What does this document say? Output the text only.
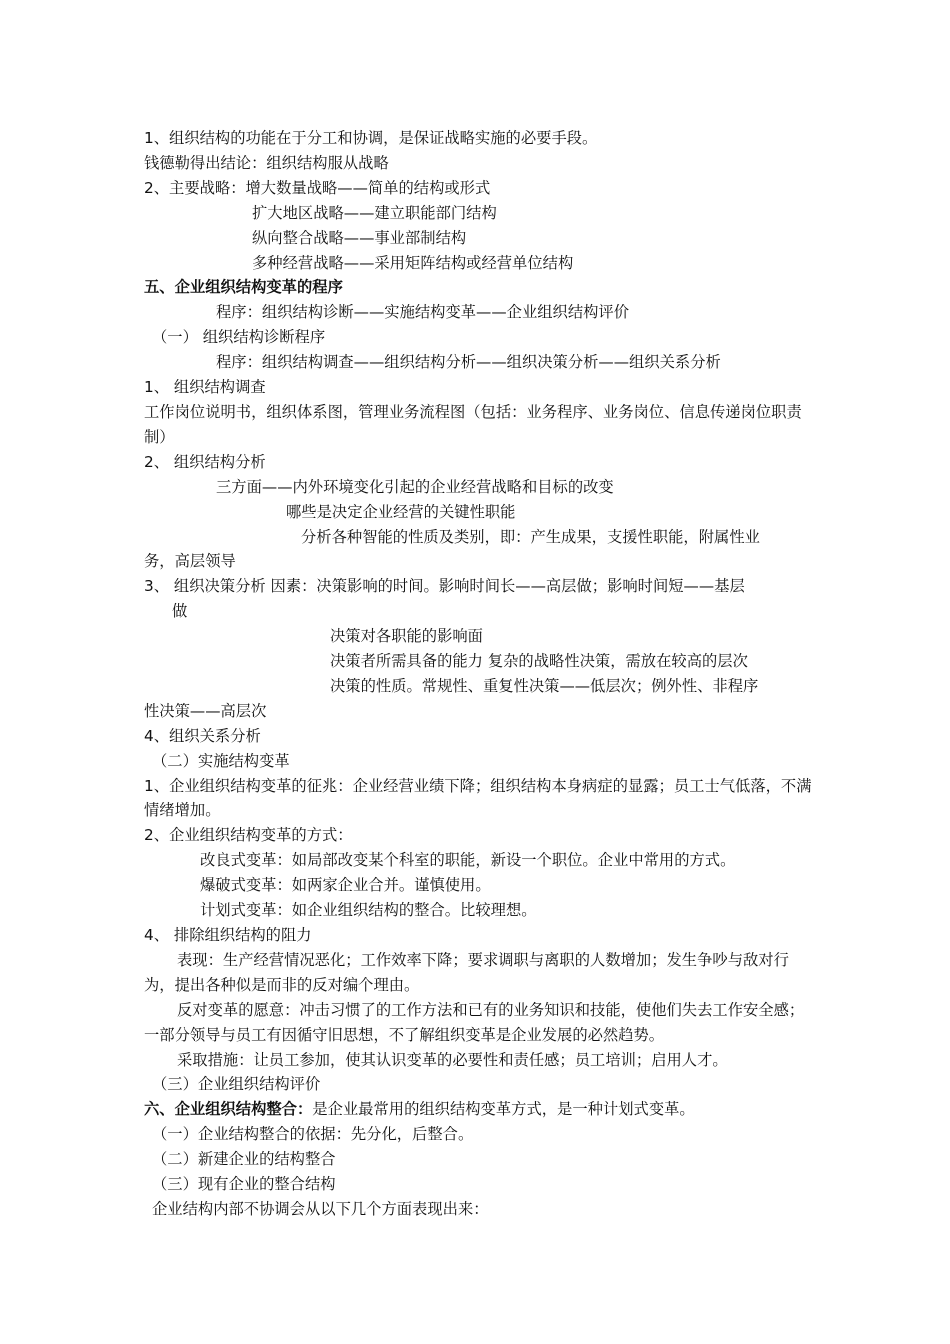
1、组织结构的功能在于分工和协调，是保证战略实施的必要手段。
钱德勒得出结论：组织结构服从战略
2、主要战略：增大数量战略——简单的结构或形式
扩大地区战略——建立职能部门结构
纵向整合战略——事业部制结构
多种经营战略——采用矩阵结构或经营单位结构
五、企业组织结构变革的程序
程序：组织结构诊断——实施结构变革——企业组织结构评价
（一） 组织结构诊断程序
程序：组织结构调查——组织结构分析——组织决策分析——组织关系分析
1、 组织结构调查
工作岗位说明书，组织体系图，管理业务流程图（包括：业务程序、业务岗位、信息传递岗位职责制）
2、 组织结构分析
三方面——内外环境变化引起的企业经营战略和目标的改变
哪些是决定企业经营的关键性职能
分析各种智能的性质及类别，即：产生成果，支援性职能，附属性业
务，高层领导
3、 组织决策分析 因素：决策影响的时间。影响时间长——高层做；影响时间短——基层
做
决策对各职能的影响面
决策者所需具备的能力 复杂的战略性决策，需放在较高的层次
决策的性质。常规性、重复性决策——低层次；例外性、非程序
性决策——高层次
4、组织关系分析
（二）实施结构变革
1、企业组织结构变革的征兆：企业经营业绩下降；组织结构本身病症的显露；员工士气低落，不满情绪增加。
2、企业组织结构变革的方式：
改良式变革：如局部改变某个科室的职能，新设一个职位。企业中常用的方式。
爆破式变革：如两家企业合并。谨慎使用。
计划式变革：如企业组织结构的整合。比较理想。
4、 排除组织结构的阻力
表现：生产经营情况恶化；工作效率下降；要求调职与离职的人数增加；发生争吵与敌对行为，提出各种似是而非的反对编个理由。
反对变革的愿意：冲击习惯了的工作方法和已有的业务知识和技能，使他们失去工作安全感；一部分领导与员工有因循守旧思想，不了解组织变革是企业发展的必然趋势。
采取措施：让员工参加，使其认识变革的必要性和责任感；员工培训；启用人才。
（三）企业组织结构评价
六、企业组织结构整合：是企业最常用的组织结构变革方式，是一种计划式变革。
（一）企业结构整合的依据：先分化，后整合。
（二）新建企业的结构整合
（三）现有企业的整合结构
企业结构内部不协调会从以下几个方面表现出来：
